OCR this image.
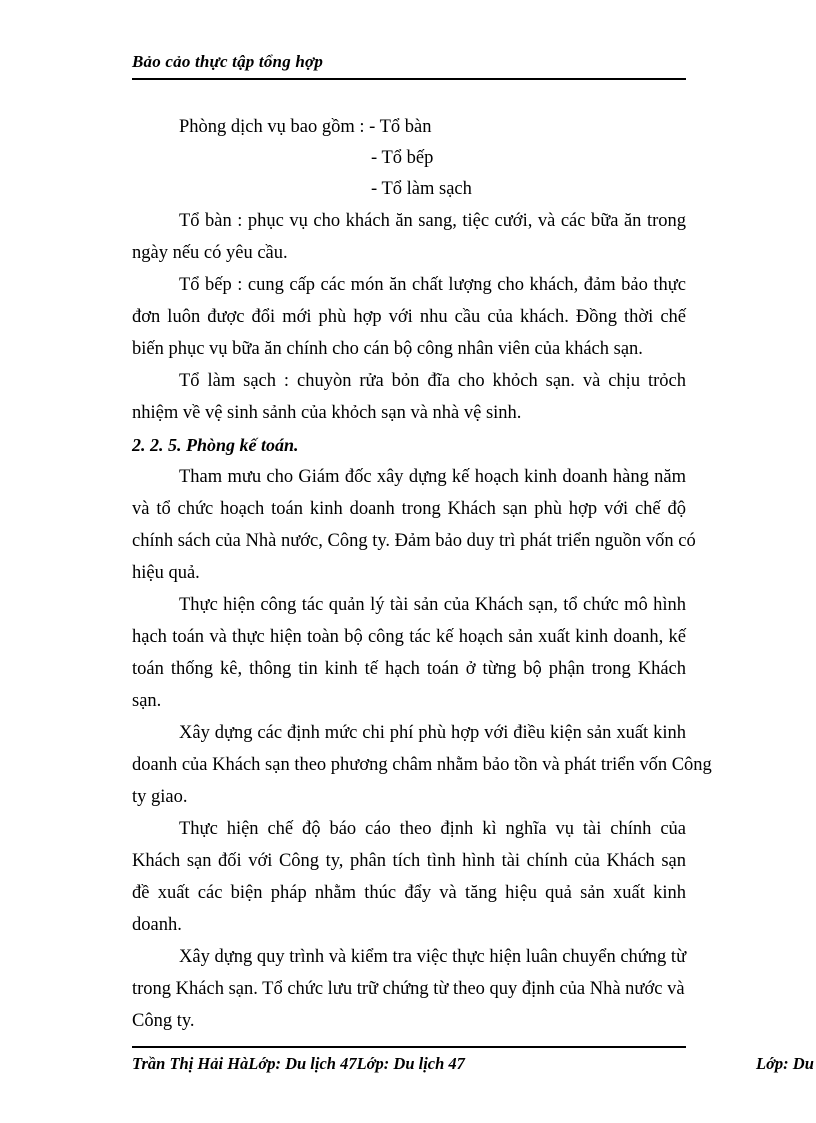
Bảo cảo thực tập tổng hợp
Phòng dịch vụ bao gồm : - Tổ bàn
- Tổ bếp
- Tổ làm sạch
Tổ bàn : phục vụ cho khách ăn sang, tiệc cưới, và các bữa ăn trong
ngày nếu có yêu cầu.
Tổ bếp : cung cấp các món ăn chất lượng cho khách, đảm bảo thực
đơn luôn được đổi mới phù hợp với nhu cầu của khách. Đồng thời chế
biến phục vụ bữa ăn chính cho cán bộ công nhân viên của khách sạn.
Tổ làm sạch : chuyòn rửa bỏn đĩa cho khỏch sạn. và chịu trỏch
nhiệm về vệ sinh sảnh của khỏch sạn và nhà vệ sinh.
2. 2. 5. Phòng kế toán.
Tham mưu cho Giám đốc xây dựng kế hoạch kinh doanh hàng năm
và tổ chức hoạch toán kinh doanh trong Khách sạn phù hợp với chế độ
chính sách của Nhà nước, Công ty. Đảm bảo duy trì phát triển nguồn vốn có
hiệu quả.
Thực hiện công tác quản lý tài sản của Khách sạn, tổ chức mô hình
hạch toán và thực hiện toàn bộ công tác kế hoạch sản xuất kinh doanh, kế
toán thống kê, thông tin kinh tế hạch toán ở từng bộ phận trong Khách
sạn.
Xây dựng các định mức chi phí phù hợp với điều kiện sản xuất kinh
doanh của Khách sạn theo phương châm nhằm bảo tồn và phát triển vốn Công
ty giao.
Thực hiện chế độ báo cáo theo định kì nghĩa vụ tài chính của
Khách sạn đối với Công ty, phân tích tình hình tài chính của Khách sạn
đề xuất các biện pháp nhằm thúc đẩy và tăng hiệu quả sản xuất kinh
doanh.
Xây dựng quy trình và kiểm tra việc thực hiện luân chuyển chứng từ
trong Khách sạn. Tổ chức lưu trữ chứng từ theo quy định của Nhà nước và
Công ty.
Trần Thị Hải HàLớp: Du lịch 47Lớp: Du lịch 47	Lớp: Du
